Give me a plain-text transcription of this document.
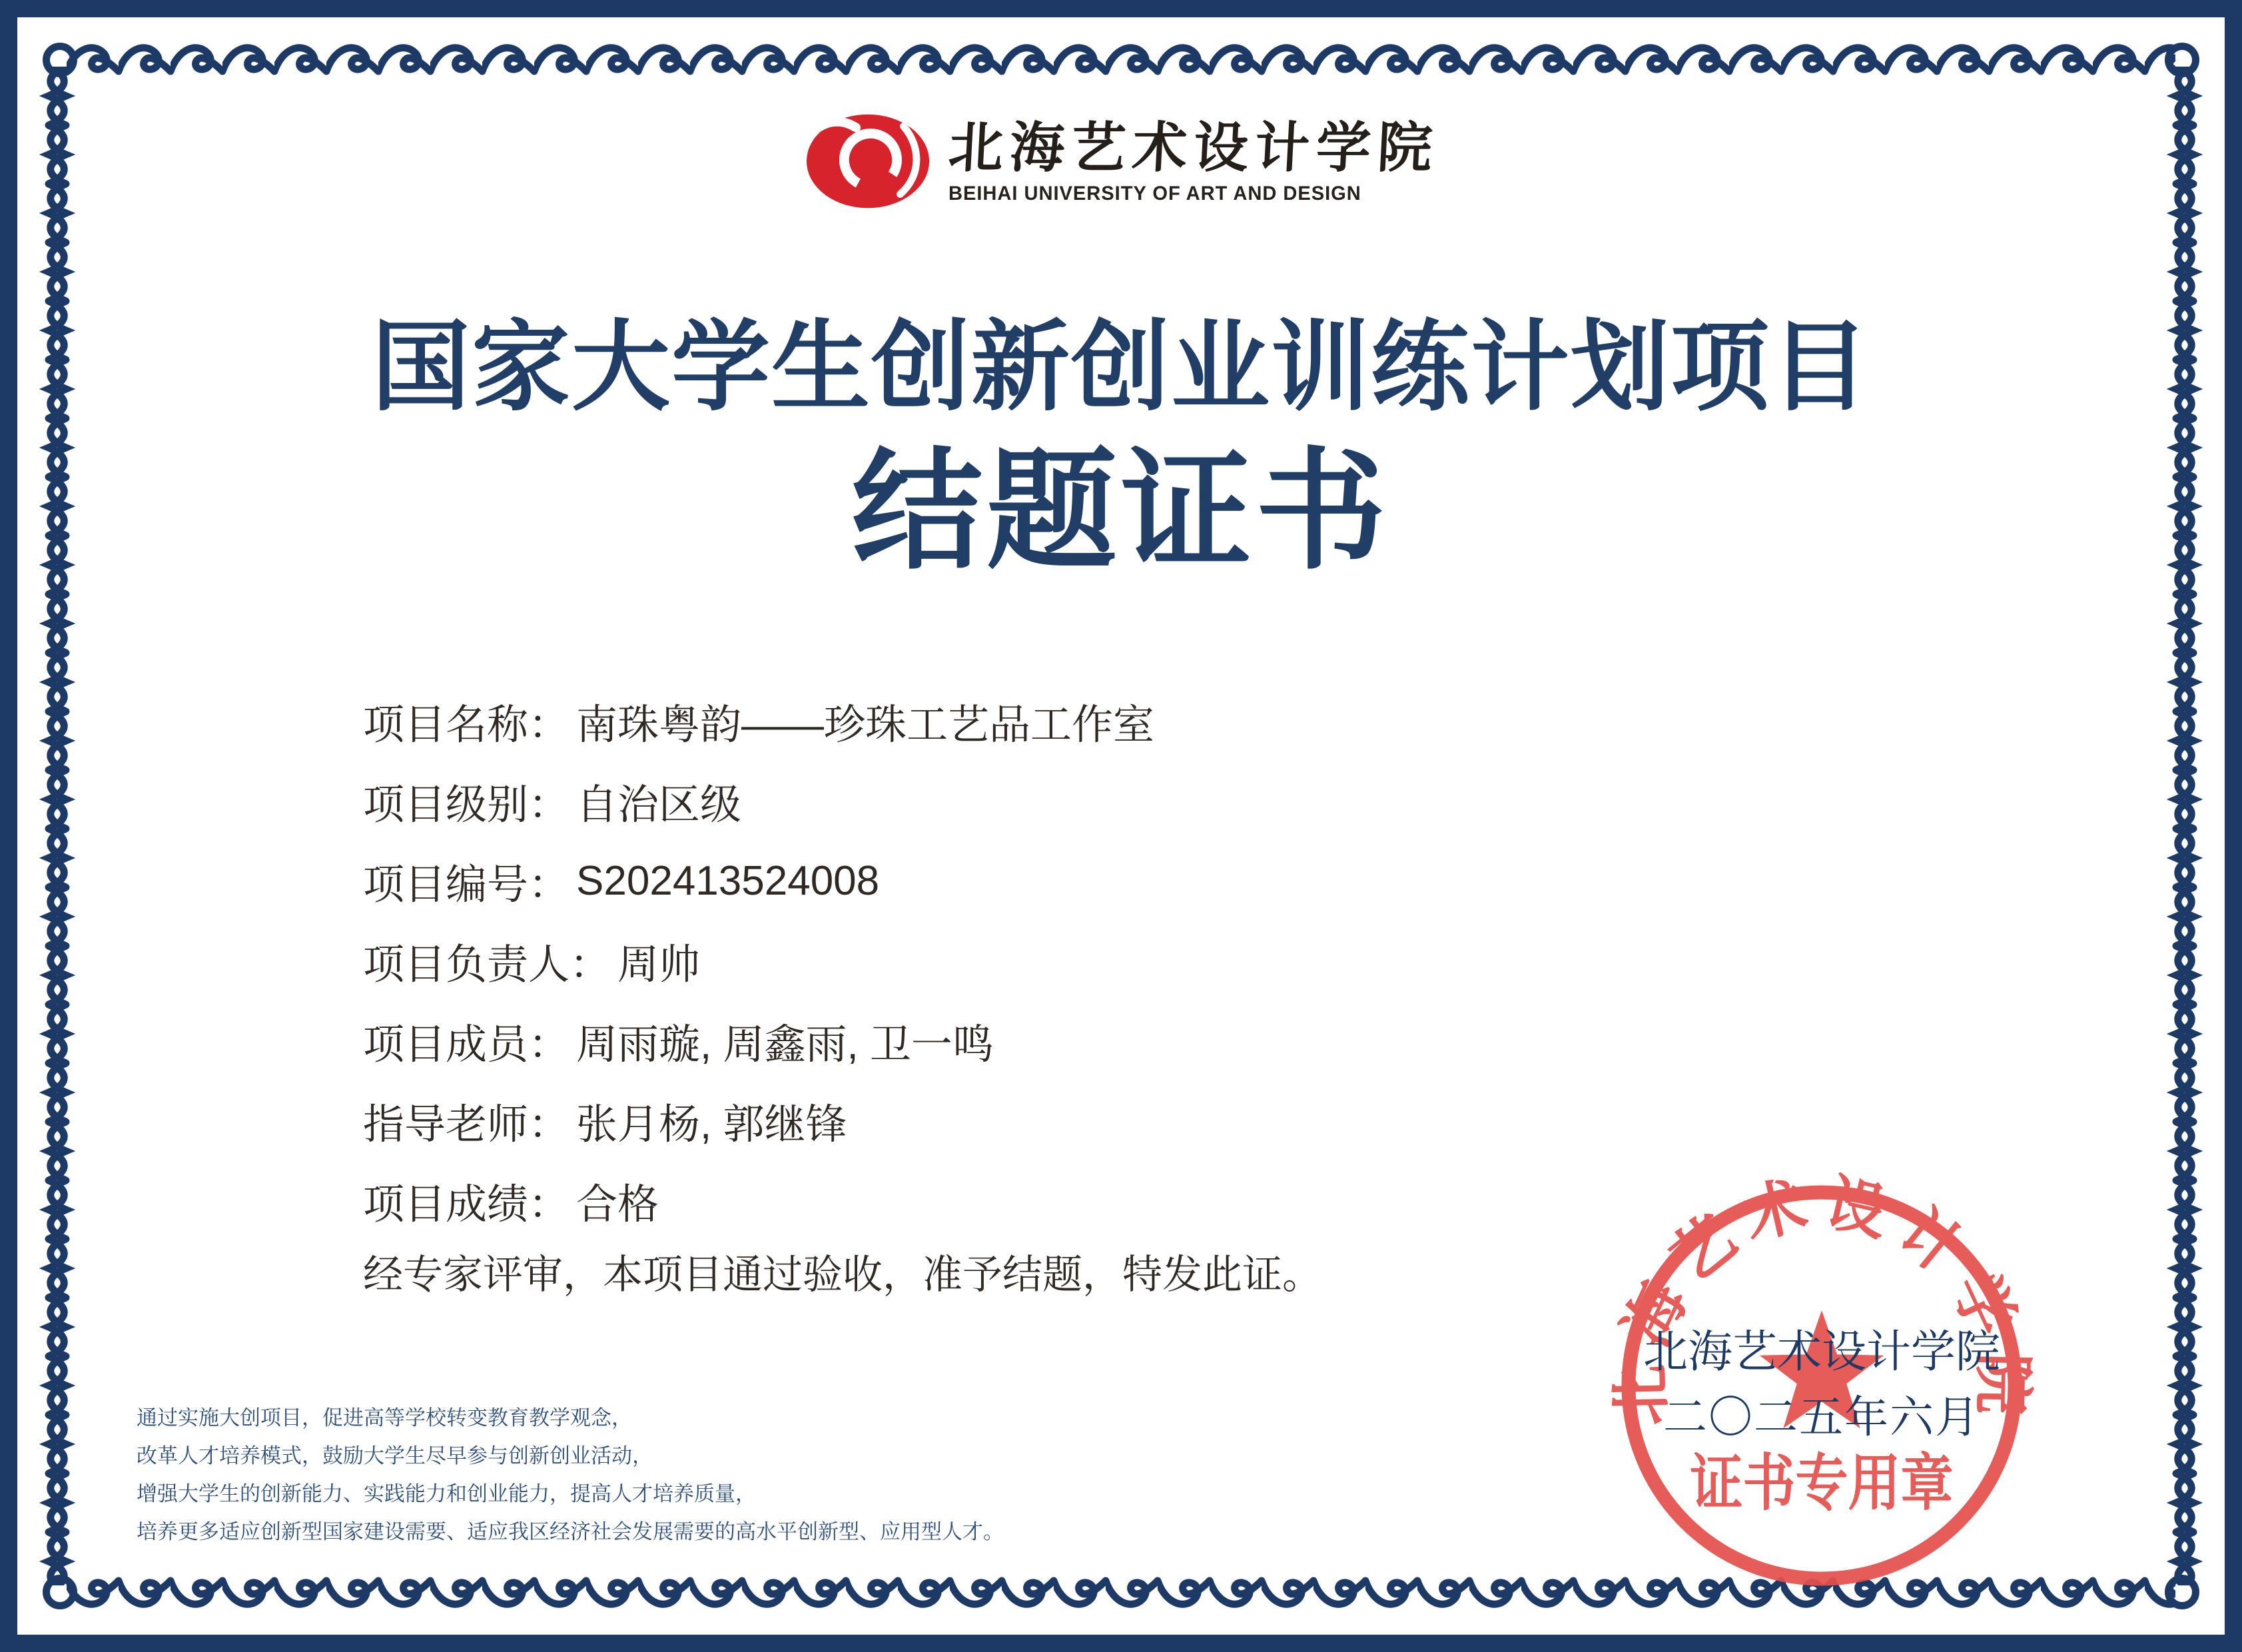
北海艺术设计学院
BEIHAI UNIVERSITY OF ART AND DESIGN
国家大学生创新创业训练计划项目
结题证书
项目名称： 南珠粤韵——珍珠工艺品工作室
项目级别： 自治区级
项目编号： S202413524008
项目负责人： 周帅
项目成员： 周雨璇, 周鑫雨, 卫一鸣
指导老师： 张月杨, 郭继锋
项目成绩： 合格
经专家评审，本项目通过验收，准予结题，特发此证。
通过实施大创项目，促进高等学校转变教育教学观念，
改革人才培养模式，鼓励大学生尽早参与创新创业活动，
增强大学生的创新能力、实践能力和创业能力，提高人才培养质量，
培养更多适应创新型国家建设需要、适应我区经济社会发展需要的高水平创新型、应用型人才。
北海艺术设计学院
证书专用章
北海艺术设计学院
二〇二五年六月
